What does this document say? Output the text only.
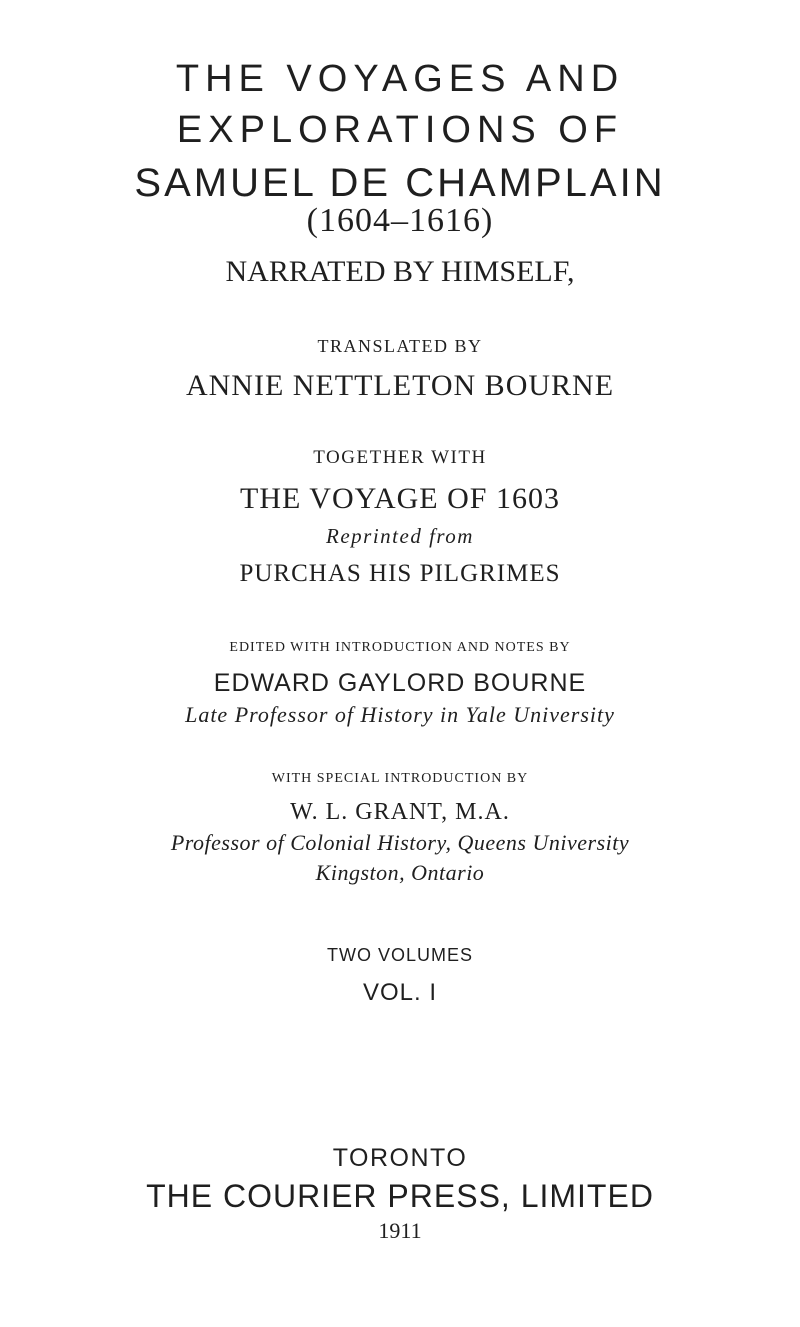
THE VOYAGES AND
EXPLORATIONS OF
SAMUEL DE CHAMPLAIN
(1604–1616)
NARRATED BY HIMSELF,
TRANSLATED BY
ANNIE NETTLETON BOURNE
TOGETHER WITH
THE VOYAGE OF 1603
Reprinted from
PURCHAS HIS PILGRIMES
EDITED WITH INTRODUCTION AND NOTES BY
EDWARD GAYLORD BOURNE
Late Professor of History in Yale University
WITH SPECIAL INTRODUCTION BY
W. L. GRANT, M.A.
Professor of Colonial History, Queens University
Kingston, Ontario
TWO VOLUMES
VOL. I
TORONTO
THE COURIER PRESS, LIMITED
1911
